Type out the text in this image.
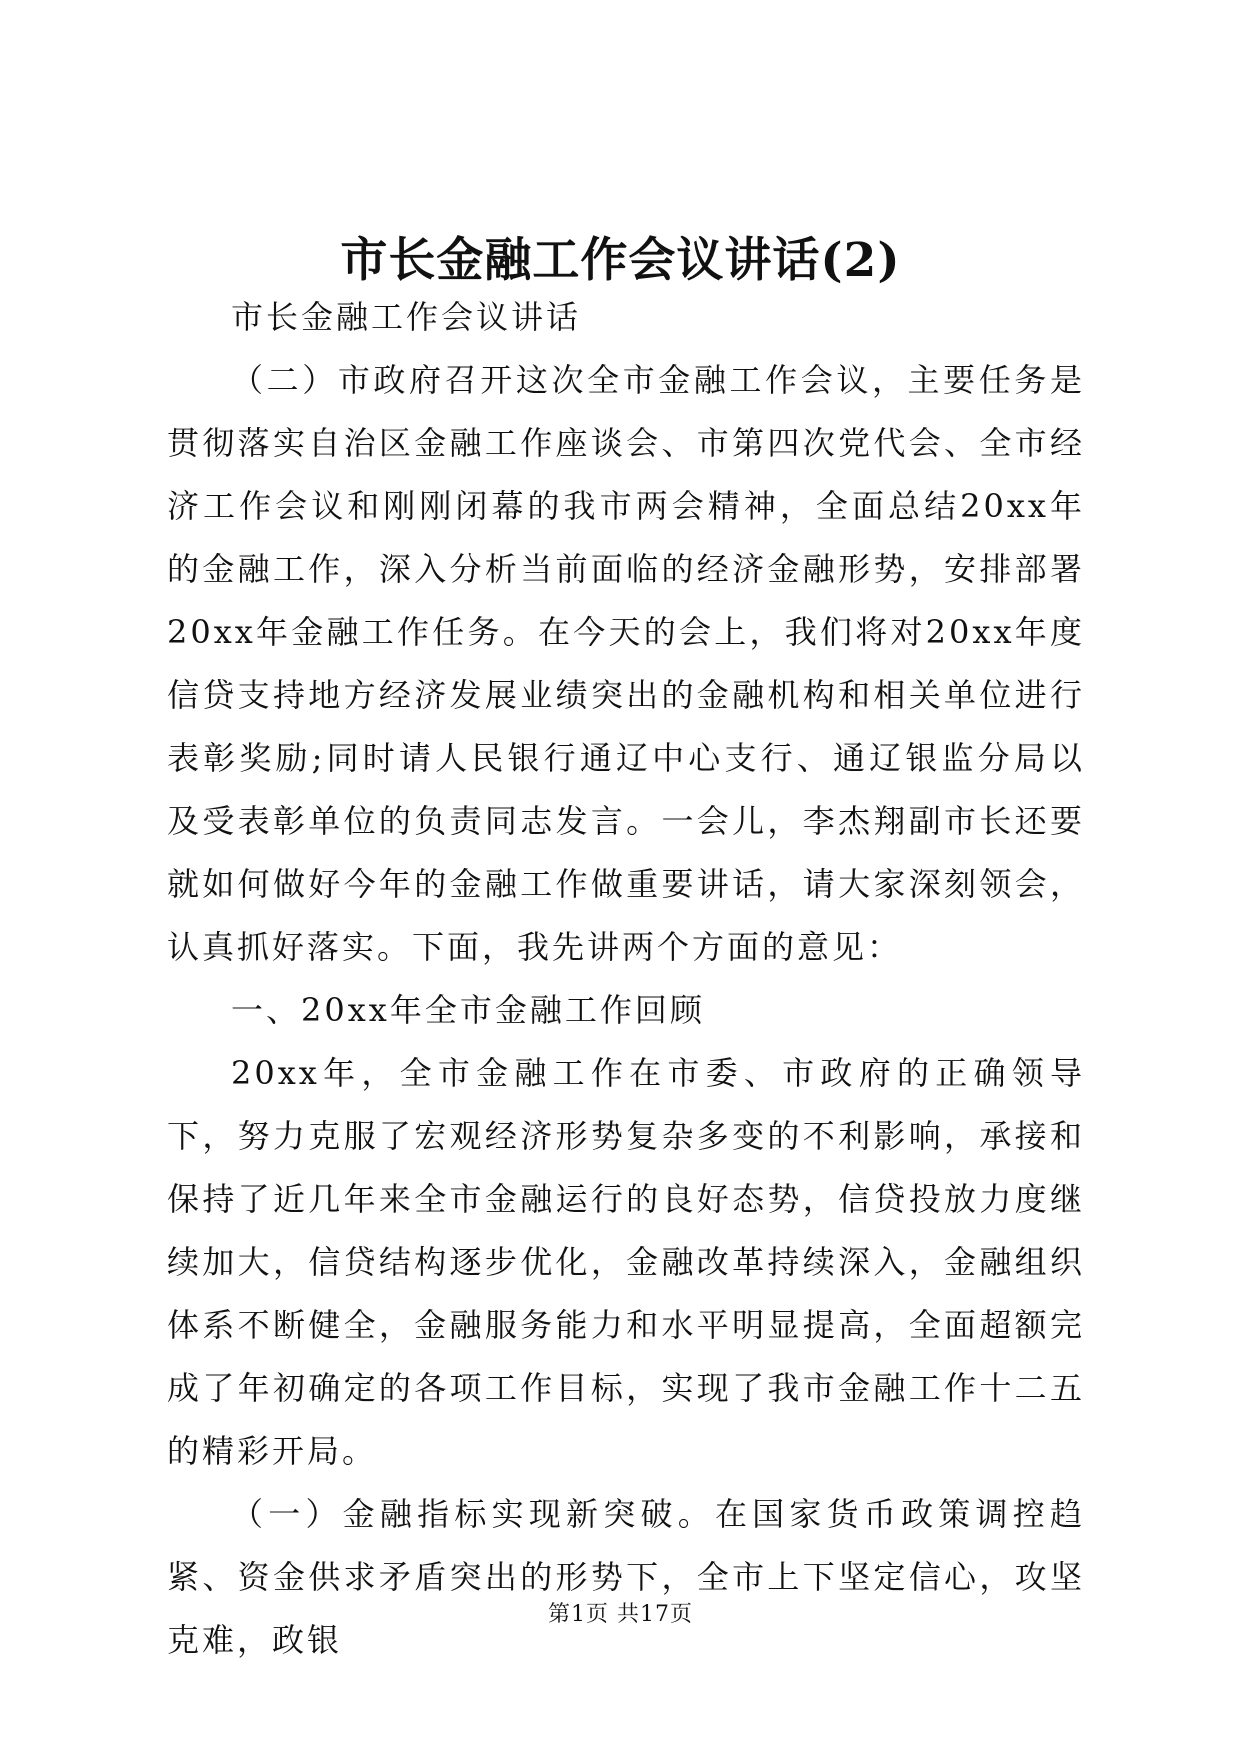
市长金融工作会议讲话(2)

市长金融工作会议讲话

（二）市政府召开这次全市金融工作会议，主要任务是贯彻落实自治区金融工作座谈会、市第四次党代会、全市经济工作会议和刚刚闭幕的我市两会精神，全面总结20xx年的金融工作，深入分析当前面临的经济金融形势，安排部署20xx年金融工作任务。在今天的会上，我们将对20xx年度信贷支持地方经济发展业绩突出的金融机构和相关单位进行表彰奖励;同时请人民银行通辽中心支行、通辽银监分局以及受表彰单位的负责同志发言。一会儿，李杰翔副市长还要就如何做好今年的金融工作做重要讲话，请大家深刻领会，认真抓好落实。下面，我先讲两个方面的意见：

一、20xx年全市金融工作回顾

20xx年，全市金融工作在市委、市政府的正确领导下，努力克服了宏观经济形势复杂多变的不利影响，承接和保持了近几年来全市金融运行的良好态势，信贷投放力度继续加大，信贷结构逐步优化，金融改革持续深入，金融组织体系不断健全，金融服务能力和水平明显提高，全面超额完成了年初确定的各项工作目标，实现了我市金融工作十二五的精彩开局。

（一）金融指标实现新突破。在国家货币政策调控趋紧、资金供求矛盾突出的形势下，全市上下坚定信心，攻坚克难，政银

第1页 共17页
